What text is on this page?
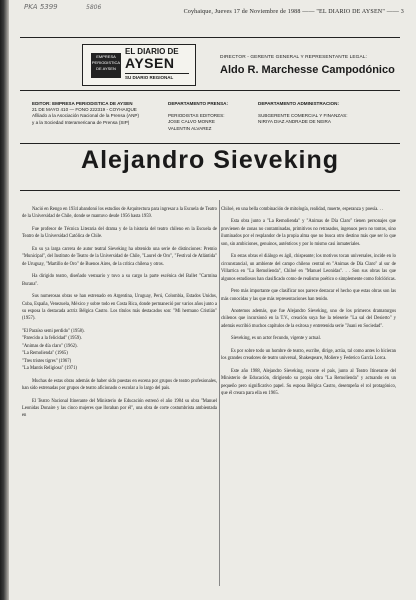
PKA 5399	5806
Coyhaique, Jueves 17 de Noviembre de 1988 —— "EL DIARIO DE AYSEN" —— 3
EMPRESA PERIODISTICA DE AYSEN
EL DIARIO DE
AYSEN
SU DIARIO REGIONAL
DIRECTOR - GERENTE GENERAL Y REPRESENTANTE LEGAL:
Aldo R. Marchesse Campodónico
EDITOR: EMPRESA PERIODISTICA DE AYSEN
21 DE MAYO 410 — FONO 222319 - COYHAIQUE
Afiliado a la Asociación Nacional de la Prensa (ANP)
y a la Sociedad Interamericana de Prensa (SIP)
DEPARTAMENTO PRENSA:
PERIODISTAS EDITORES:
JOSE CALVO MONRE
VALENTIN ALVAREZ
DEPARTAMENTO ADMINISTRACION:
SUBGERENTE COMERCIAL Y FINANZAS:
NIRIYA DIAZ ANDRADE DE NEIRA
Alejandro Sieveking

Nació en Rengo en 1934 abandonó los estudios de Arquitectura para ingresar a la Escuela de Teatro de la Universidad de Chile, donde se mantuvo desde 1956 hasta 1959.

Fue profesor de Técnica Literaria del drama y de la historia del teatro chileno en la Escuela de Teatro de la Universidad Católica de Chile.

En su ya larga carrera de autor teatral Sieveking ha obtenido una serie de distinciones: Premio "Municipal", del Instituto de Teatro de la Universidad de Chile, "Laurel de Oro", "Festival de Atlántida" de Uruguay, "Martillo de Oro" de Buenos Aires, de la crítica chilena y otros.

Ha dirigido teatro, diseñado vestuario y tuvo a su cargo la parte escénica del Ballet "Carmina Burana".

Sus numerosas obras se han estrenado en Argentina, Uruguay, Perú, Colombia, Estados Unidos, Cuba, España, Venezuela, México y sobre todo en Costa Rica, donde permaneció por varios años junto a su esposa la destacada actriz Bélgica Castro. Los títulos más destacados son: "Mi hermano Cristián" (1957).

"El Paraíso semi perdido" (1958).

"Parecido a la felicidad" (1959).

"Animas de día claro" (1962).

"La Remolienda" (1965)

"Tres tristes tigres" (1967)

"La Mantis Religiosa" (1971)

Muchas de estas obras además de haber sido puestas en escena por grupos de teatro profesionales, han sido estrenadas por grupos de teatro aficionado o escolar a lo largo del país.

El Teatro Nacional Itinerante del Ministerio de Educación estrenó el año 1984 su obra "Manuel Leonidas Donaire y las cinco mujeres que lloraban por él", una obra de corte costumbrista ambientada en

Chiloé, en una bella combinación de mitología, realidad, muerte, esperanza y poesía. . .

Esta obra junto a "La Remolienda" y "Animas de Día Claro" tienen personajes que provienen de zonas no contaminadas, primitivos no retrasados, ingenuos pero no tontos, sino iluminados por el resplandor de la propia alma que no busca otro destino más que ser lo que son, sin ambiciones, genuinos, auténticos y por lo mismo casi inmateriales.

En estas obras el diálogo es ágil, chispeante; los motivos tocan universales, incide en lo circunstancial, un ambiente del campo chileno central en "Animas de Día Claro" al sur de Villarrica en "La Remolienda", Chiloé en "Manuel Leonidas". . . Son sus obras las que algunos estudiosos han clasificado como de realismo poético o simplemente como folclóricas.

Pero más importante que clasificar nos parece destacar el hecho que estas obras son las más conocidas y las que más representaciones han tenido.

Anotemos además, que fue Alejandro Sieveking, uno de los primeros dramaturgos chilenos que incursionó en la T.V., creación suya fue la teleserie "La sal del Desierto" y además escribió muchos capítulos de la exitosa y entretenida serie "Juani en Sociedad".

Sieveking, es un actor fecundo, vigente y actual.

Es por sobre todo un hombre de teatro, escribe, dirige, actúa, tal como antes lo hicieran los grandes creadores de teatro universal, Shakespeare, Moliere y Federico García Lorca.

Este año 1988, Alejandro Sieveking, recorre el país, junto al Teatro Itinerante del Ministerio de Educación, dirigiendo su propia obra "La Remolienda" y actuando en un pequeño pero significativo papel. Su esposa Bélgica Castro, desempeña el rol protagónico, que él creara para ella en 1965.
